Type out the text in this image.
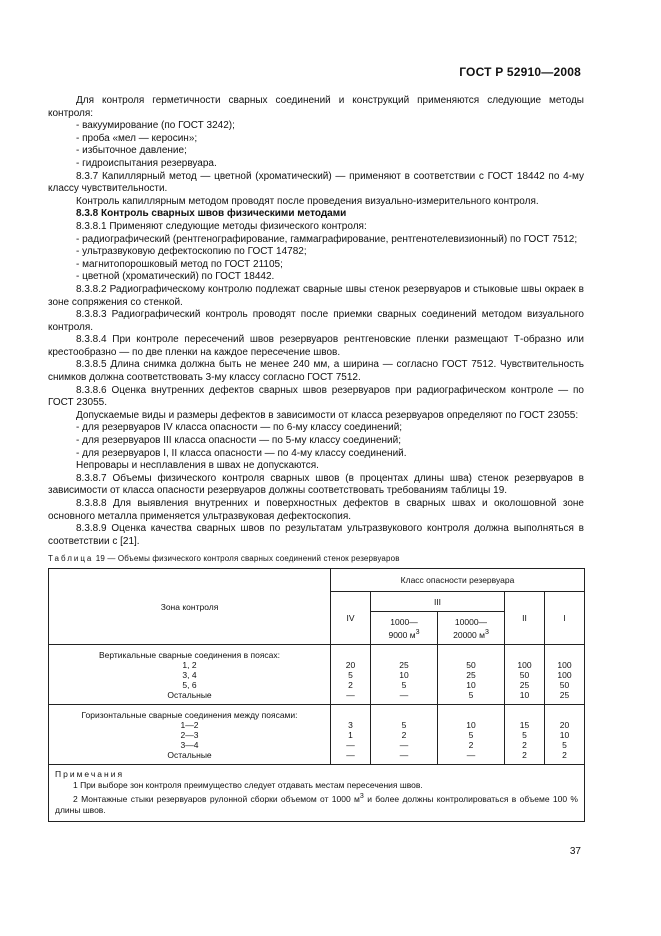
ГОСТ Р 52910—2008

Для контроля герметичности сварных соединений и конструкций применяются следующие методы контроля:

- вакуумирование (по ГОСТ 3242);

- проба «мел — керосин»;

- избыточное давление;

- гидроиспытания резервуара.

8.3.7 Капиллярный метод — цветной (хроматический) — применяют в соответствии с ГОСТ 18442 по 4-му классу чувствительности.

Контроль капиллярным методом проводят после проведения визуально-измерительного контроля.

8.3.8 Контроль сварных швов физическими методами

8.3.8.1 Применяют следующие методы физического контроля:

- радиографический (рентгенографирование, гаммаграфирование, рентгенотелевизионный) по ГОСТ 7512;

- ультразвуковую дефектоскопию по ГОСТ 14782;

- магнитопорошковый метод по ГОСТ 21105;

- цветной (хроматический) по ГОСТ 18442.

8.3.8.2 Радиографическому контролю подлежат сварные швы стенок резервуаров и стыковые швы окраек в зоне сопряжения со стенкой.

8.3.8.3 Радиографический контроль проводят после приемки сварных соединений методом визуального контроля.

8.3.8.4 При контроле пересечений швов резервуаров рентгеновские пленки размещают Т-образно или крестообразно — по две пленки на каждое пересечение швов.

8.3.8.5 Длина снимка должна быть не менее 240 мм, а ширина — согласно ГОСТ 7512. Чувствительность снимков должна соответствовать 3-му классу согласно ГОСТ 7512.

8.3.8.6 Оценка внутренних дефектов сварных швов резервуаров при радиографическом контроле — по ГОСТ 23055.

Допускаемые виды и размеры дефектов в зависимости от класса резервуаров определяют по ГОСТ 23055:

- для резервуаров IV класса опасности — по 6-му классу соединений;

- для резервуаров III класса опасности — по 5-му классу соединений;

- для резервуаров I, II класса опасности — по 4-му классу соединений.

Непровары и несплавления в швах не допускаются.

8.3.8.7 Объемы физического контроля сварных швов (в процентах длины шва) стенок резервуаров в зависимости от класса опасности резервуаров должны соответствовать требованиям таблицы 19.

8.3.8.8 Для выявления внутренних и поверхностных дефектов в сварных швах и околошовной зоне основного металла применяется ультразвуковая дефектоскопия.

8.3.8.9 Оценка качества сварных швов по результатам ультразвукового контроля должна выполняться в соответствии с [21].

Таблица 19 — Объемы физического контроля сварных соединений стенок резервуаров
Зона контроля	Класс опасности резервуара				
	IV	III		II	I

		1000—
9000 $м^3$	10000—
20000 $м^3$

Вертикальные сварные соединения в поясах:
1, 2
3, 4
5, 6
Остальные	20
5
2
—	25
10
5
—	50
25
10
5	100
50
25
10	100
100
50
25

Горизонтальные сварные соединения между поясами:
1—2
2—3
3—4
Остальные	3
1
—
—	5
2
—
—	10
5
2
—	15
5
2
2	20
10
5
2

Примечания
1 При выборе зон контроля преимущество следует отдавать местам пересечения швов.
2 Монтажные стыки резервуаров рулонной сборки объемом от 1000 $м^3$ и более должны контролироваться в объеме 100 % длины швов.					
37
